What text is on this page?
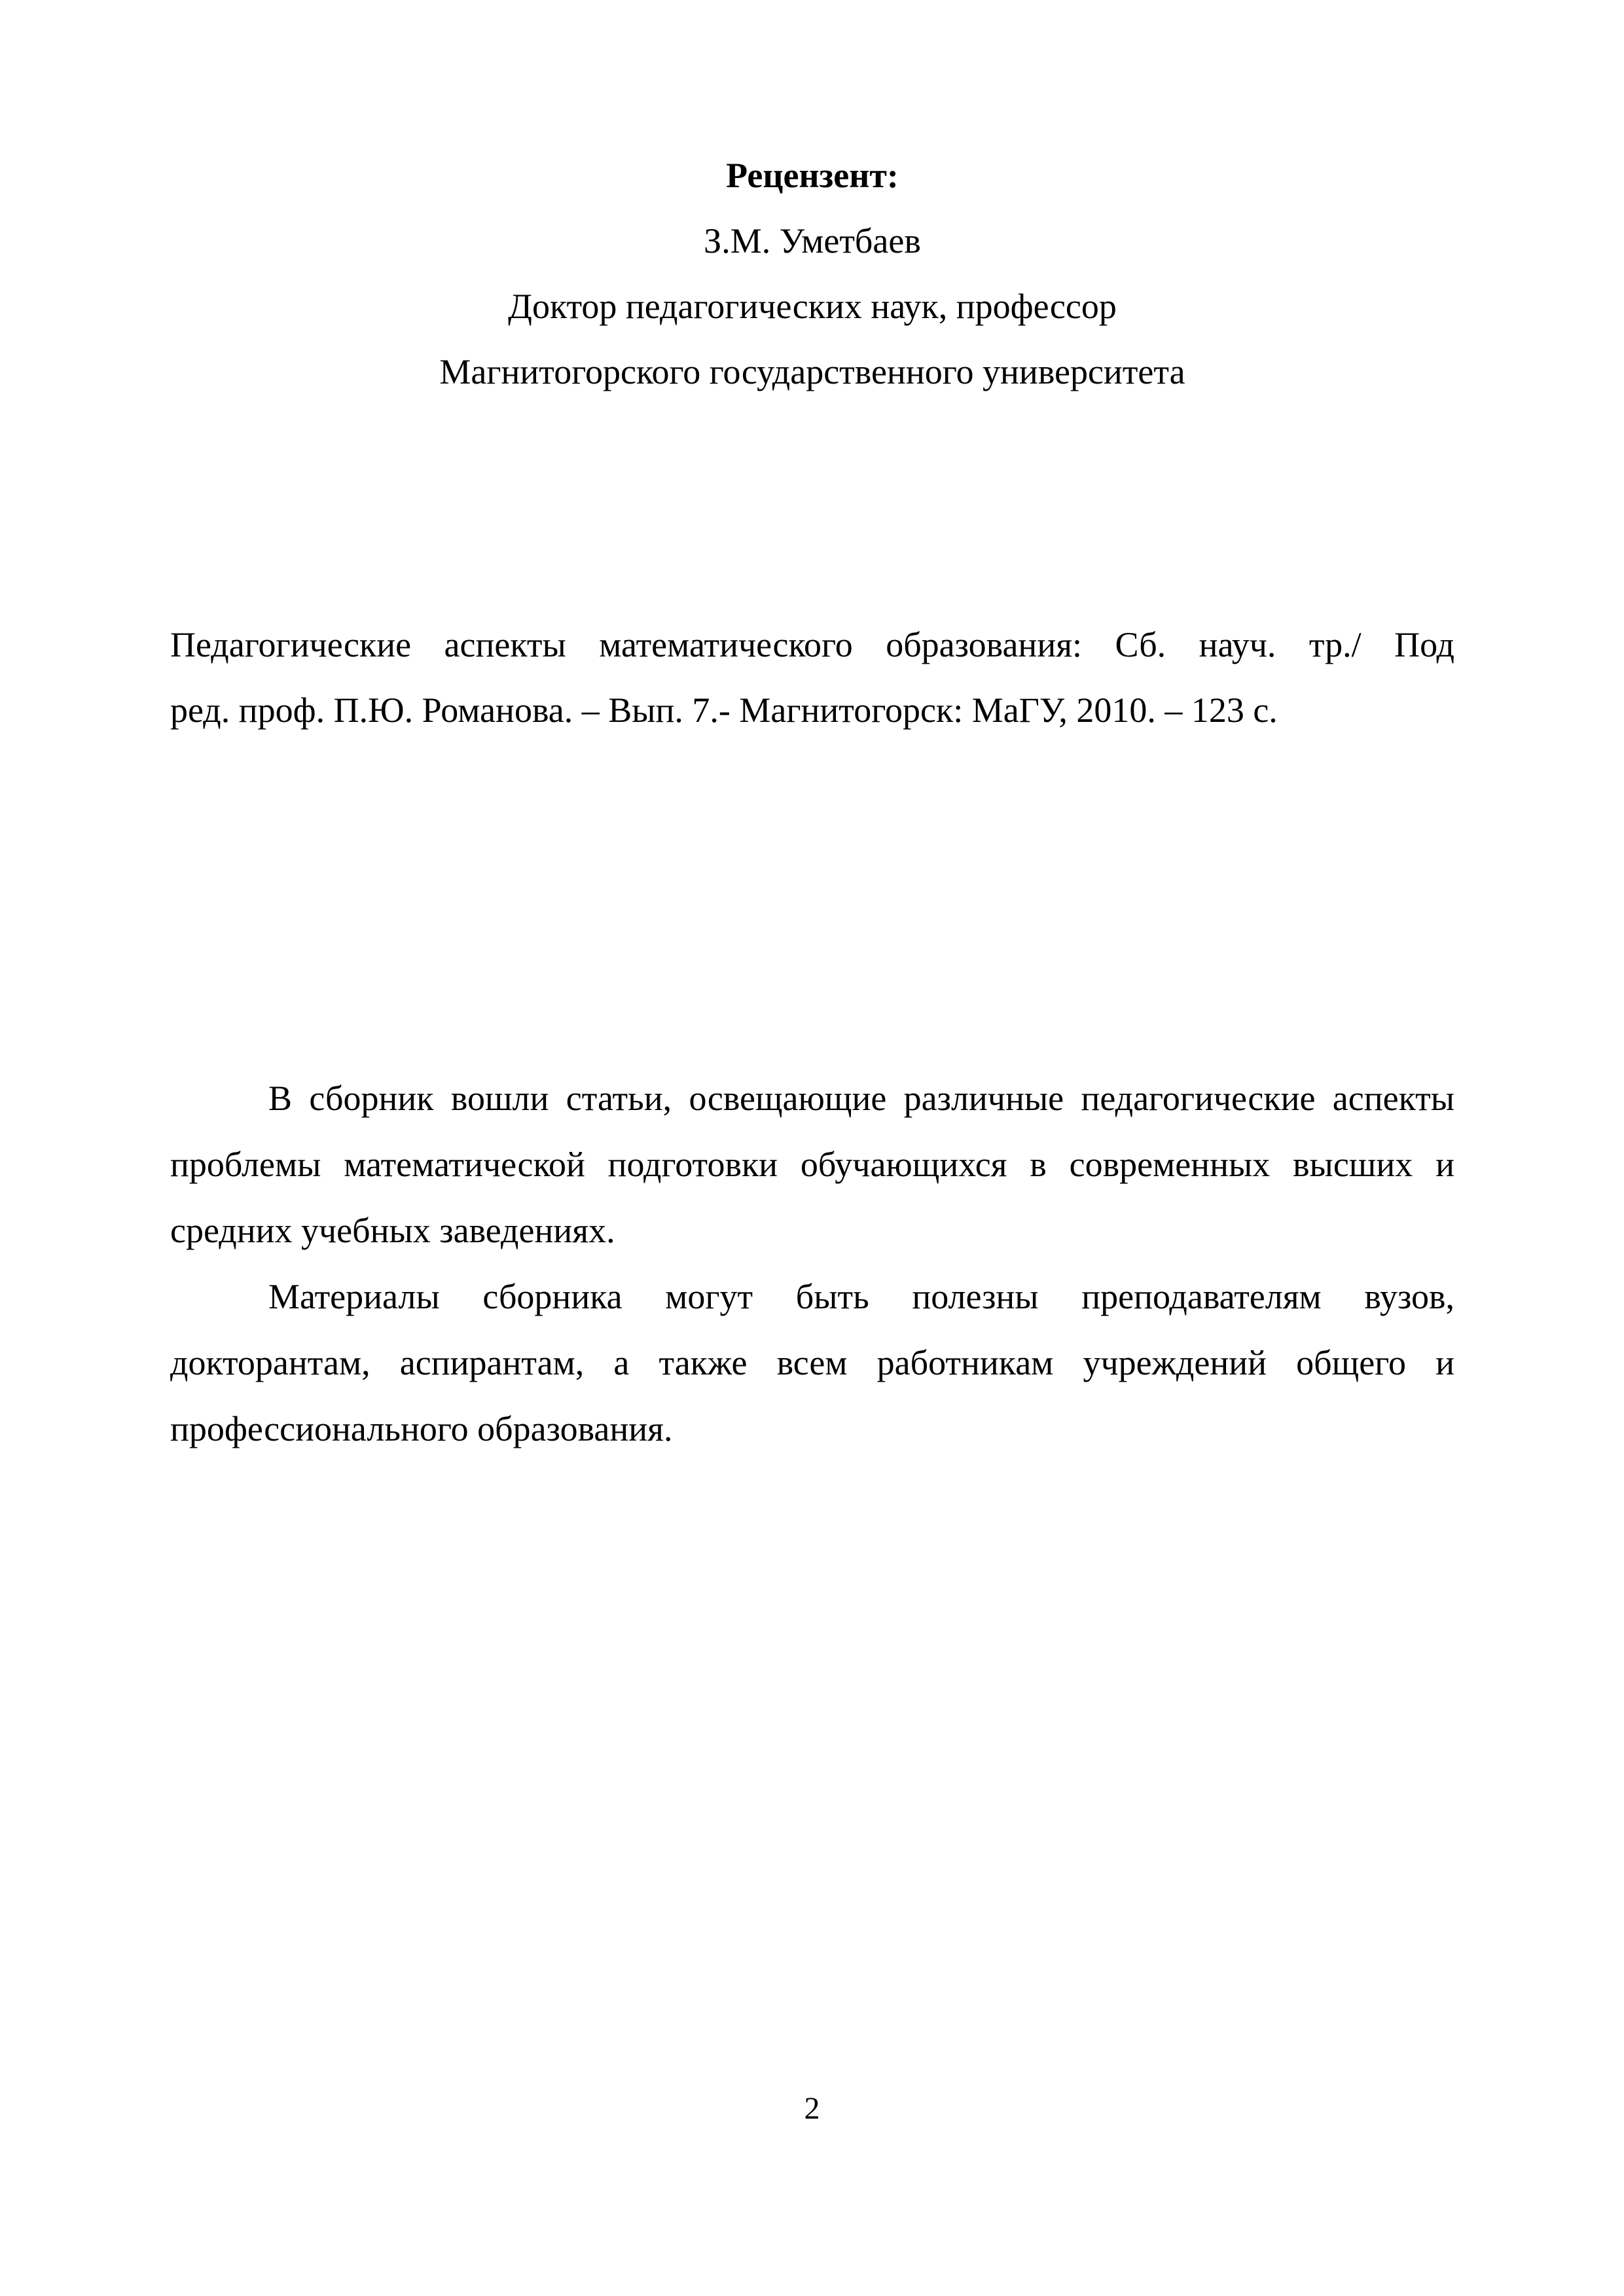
Рецензент:
З.М. Уметбаев
Доктор педагогических наук, профессор
Магнитогорского государственного университета
Педагогические аспекты математического образования: Сб. науч. тр./ Под
ред. проф. П.Ю. Романова. – Вып. 7.- Магнитогорск: МаГУ, 2010. – 123 с.

В сборник вошли статьи, освещающие различные педагогические аспекты проблемы математической подготовки обучающихся в современных высших и средних учебных заведениях.

Материалы сборника могут быть полезны преподавателям вузов, докторантам, аспирантам, а также всем работникам учреждений общего и профессионального образования.

2
